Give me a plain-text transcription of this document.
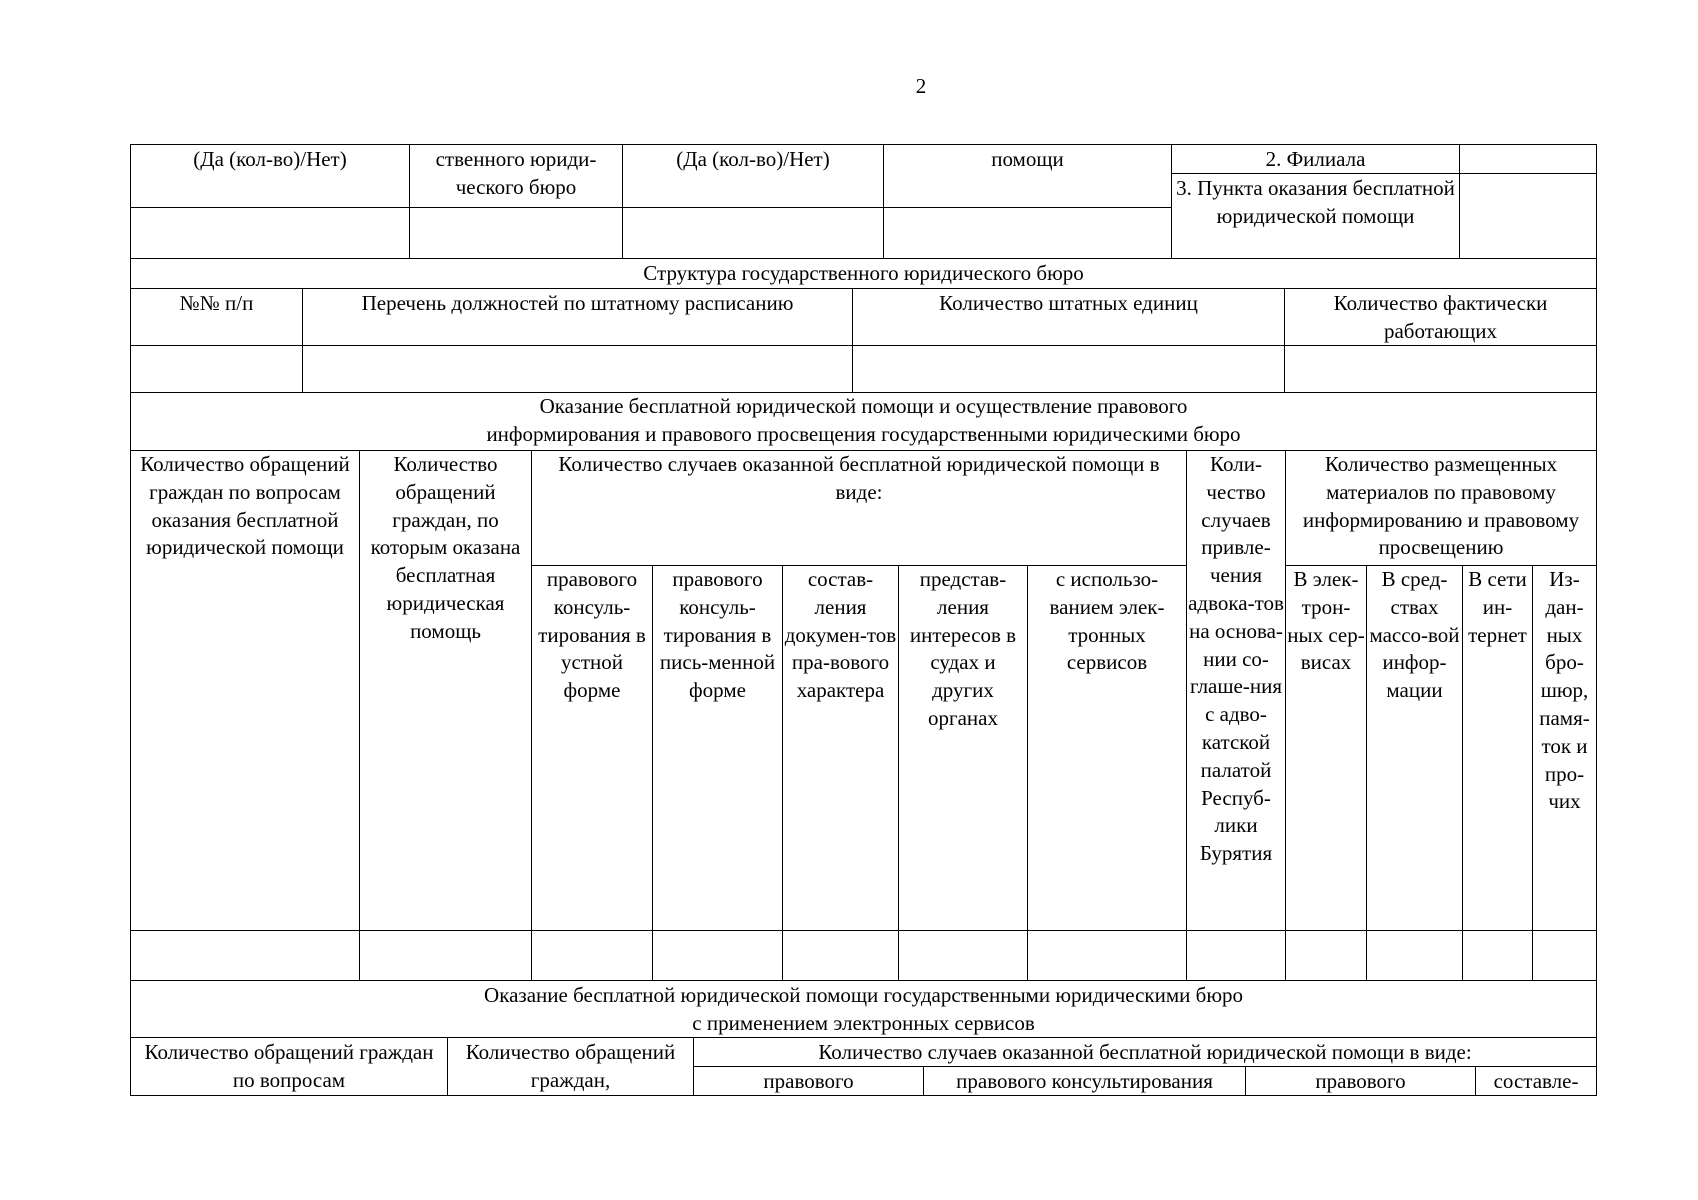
2
(Да (кол-во)/Нет)	ственного юриди-ческого бюро	(Да (кол-во)/Нет)	помощи	2. Филиала	
				3. Пункта оказания бесплатной юридической помощи	

Структура государственного юридического бюро			
№№ п/п	Перечень должностей по штатному расписанию	Количество штатных единиц	Количество фактически работающих

Оказание бесплатной юридической помощи и осуществление правового
информирования и правового просвещения государственными юридическими бюро											

Количество обращений граждан по вопросам оказания бесплатной юридической помощи	Количество обращений граждан, по которым оказана бесплатная юридическая помощь	Количество случаев оказанной бесплатной юридической помощи в виде:					Коли-чество случаев привле-чения адвока-тов на основа-нии со-глаше-ния с адво-катской палатой Респуб-лики Бурятия	Количество размещенных материалов по правовому информированию и правовому просвещению			
		правового консуль-тирования в устной форме	правового консуль-тирования в пись-менной форме	состав-ления докумен-тов пра-вового характера	представ-ления интересов в судах и других органах	с использо-ванием элек-тронных сервисов		В элек-трон-ных сер-висах	В сред-ствах массо-вой инфор-мации	В сети ин-тернет	Из-дан-ных бро-шюр, памя-ток и про-чих

Оказание бесплатной юридической помощи государственными юридическими бюро
с применением электронных сервисов					

Количество обращений граждан по вопросам	Количество обращений граждан,	Количество случаев оказанной бесплатной юридической помощи в виде:			
		правового	правового консультирования	правового	составле-
